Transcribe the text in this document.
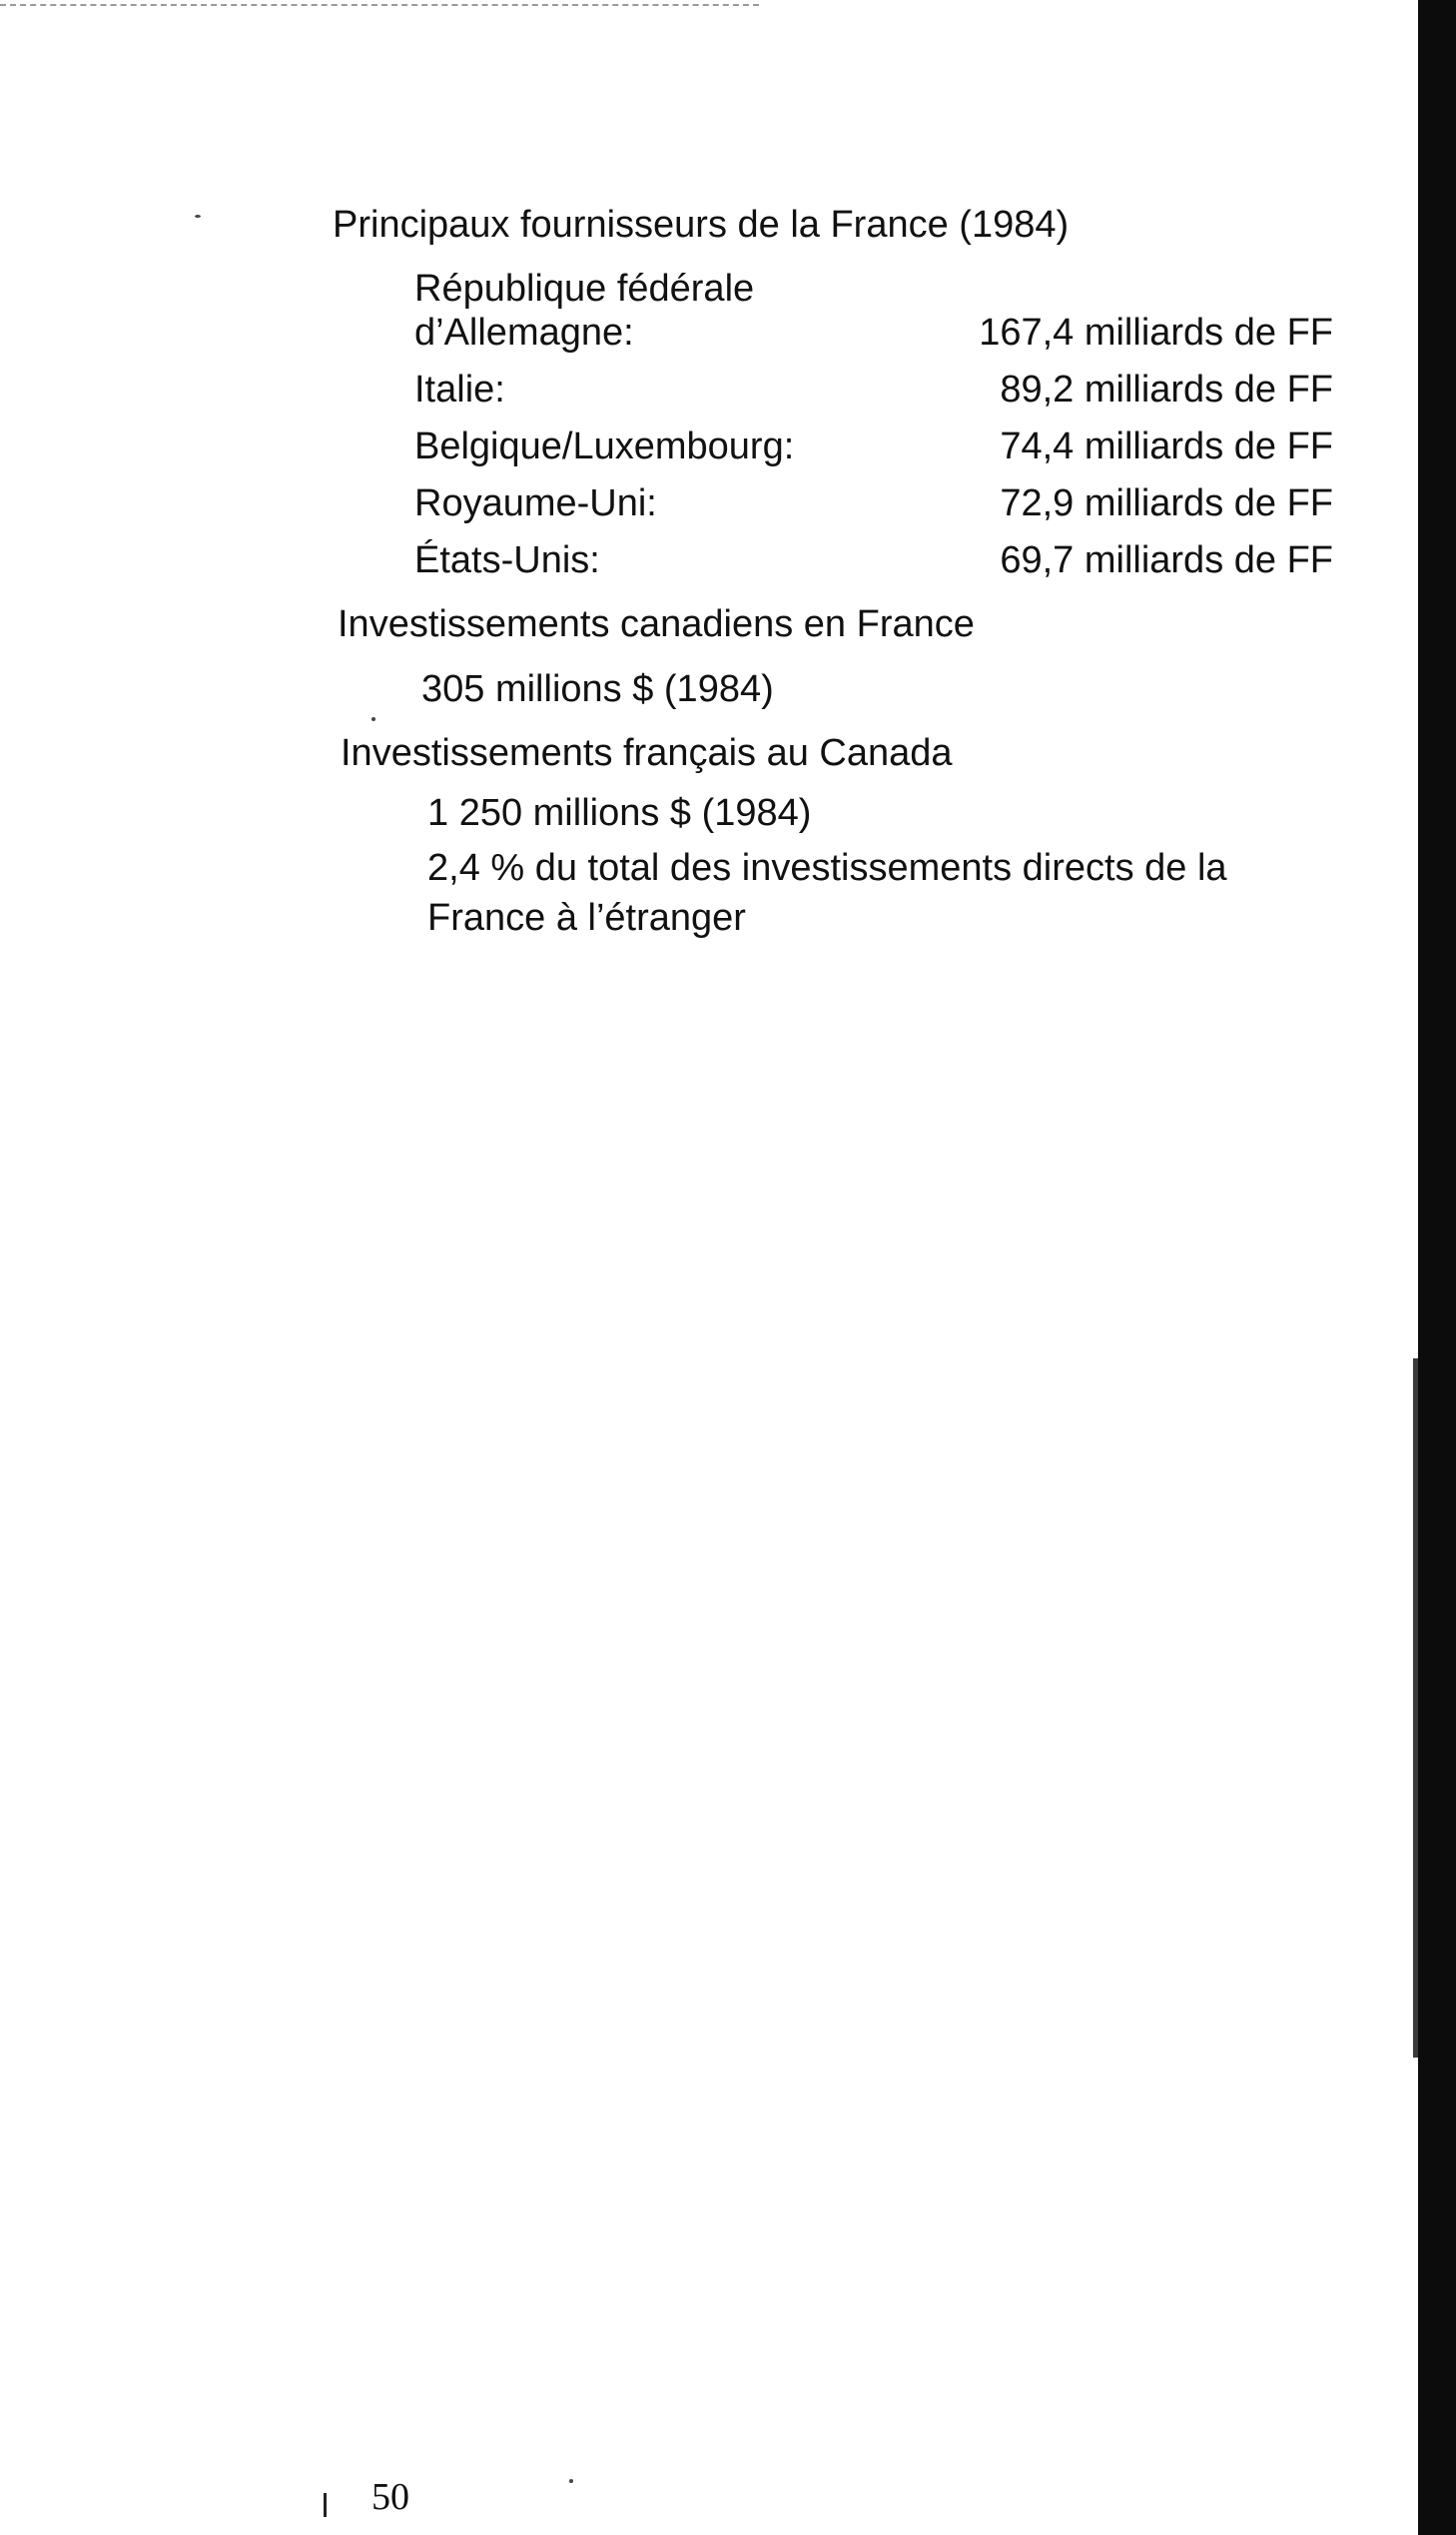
Principaux fournisseurs de la France (1984)
République fédérale
d’Allemagne:	167,4 milliards de FF
Italie:	89,2 milliards de FF
Belgique/Luxembourg:	74,4 milliards de FF
Royaume-Uni:	72,9 milliards de FF
États-Unis:	69,7 milliards de FF
Investissements canadiens en France
305 millions $ (1984)
Investissements français au Canada
1 250 millions $ (1984)
2,4 % du total des investissements directs de la France à l’étranger
50
